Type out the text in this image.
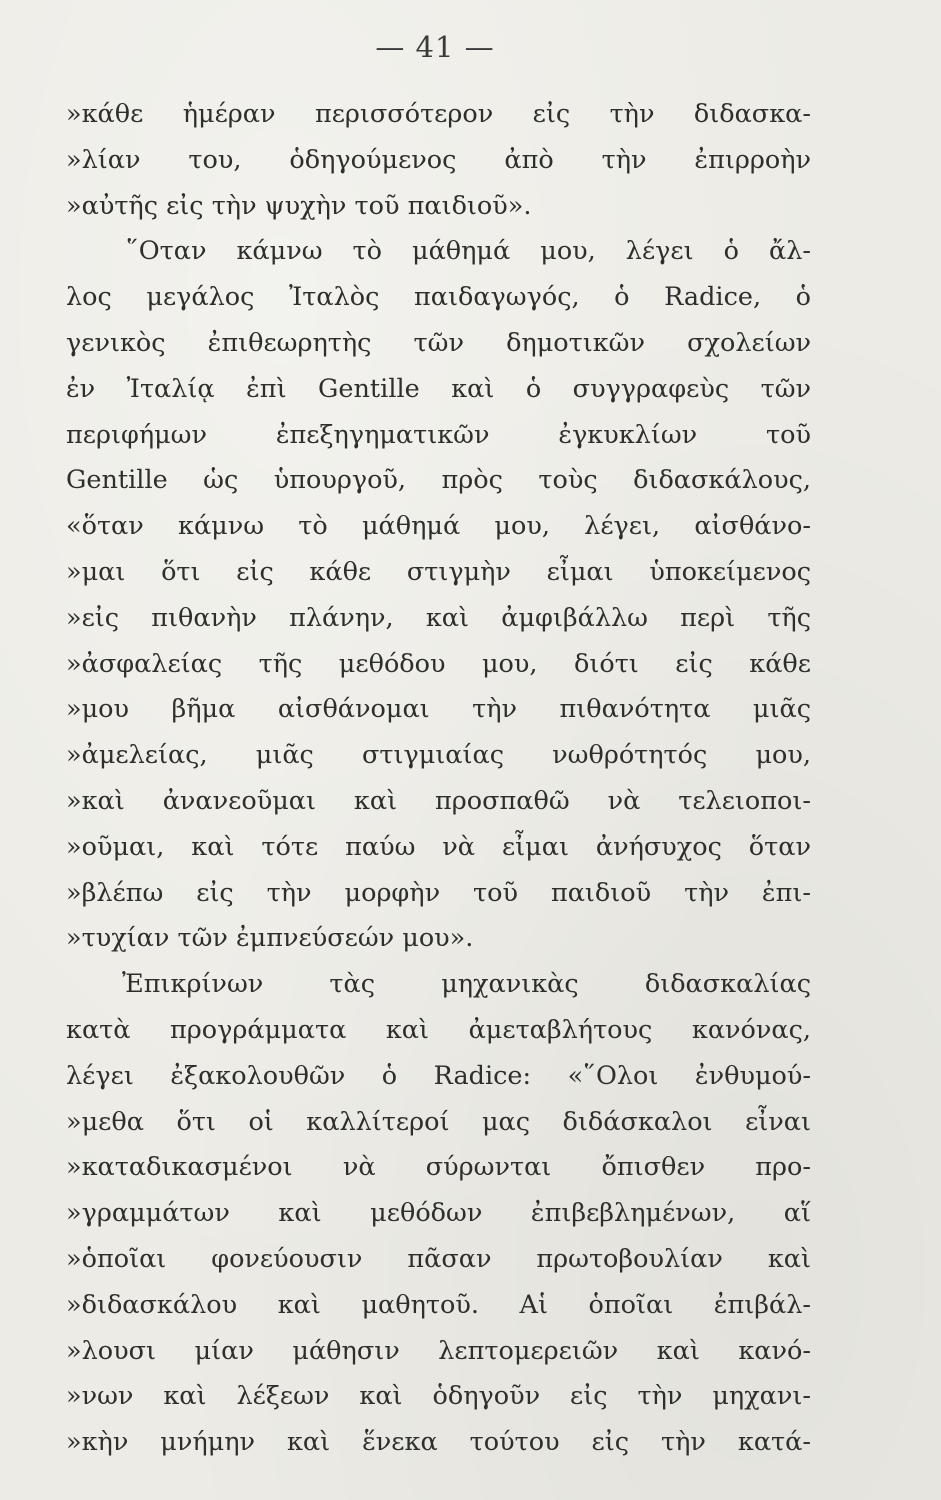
— 41 —
»κάθε ἡμέραν περισσότερον εἰς τὴν διδασκα-
»λίαν του, ὁδηγούμενος ἀπὸ τὴν ἐπιρροὴν
»αὐτῆς εἰς τὴν ψυχὴν τοῦ παιδιοῦ».
῞Οταν κάμνω τὸ μάθημά μου, λέγει ὁ ἄλ-
λος μεγάλος Ἰταλὸς παιδαγωγός, ὁ Radice, ὁ
γενικὸς ἐπιθεωρητὴς τῶν δημοτικῶν σχολείων
ἐν Ἰταλίᾳ ἐπὶ Gentille καὶ ὁ συγγραφεὺς τῶν
περιφήμων ἐπεξηγηματικῶν ἐγκυκλίων τοῦ
Gentille ὡς ὑπουργοῦ, πρὸς τοὺς διδασκάλους,
«ὅταν κάμνω τὸ μάθημά μου, λέγει, αἰσθάνο-
»μαι ὅτι εἰς κάθε στιγμὴν εἶμαι ὑποκείμενος
»εἰς πιθανὴν πλάνην, καὶ ἀμφιβάλλω περὶ τῆς
»ἀσφαλείας τῆς μεθόδου μου, διότι εἰς κάθε
»μου βῆμα αἰσθάνομαι τὴν πιθανότητα μιᾶς
»ἀμελείας, μιᾶς στιγμιαίας νωθρότητός μου,
»καὶ ἀνανεοῦμαι καὶ προσπαθῶ νὰ τελειοποι-
»οῦμαι, καὶ τότε παύω νὰ εἶμαι ἀνήσυχος ὅταν
»βλέπω εἰς τὴν μορφὴν τοῦ παιδιοῦ τὴν ἐπι-
»τυχίαν τῶν ἐμπνεύσεών μου».
Ἐπικρίνων τὰς μηχανικὰς διδασκαλίας
κατὰ προγράμματα καὶ ἀμεταβλήτους κανόνας,
λέγει ἐξακολουθῶν ὁ Radice: «῞Ολοι ἐνθυμού-
»μεθα ὅτι οἱ καλλίτεροί μας διδάσκαλοι εἶναι
»καταδικασμένοι νὰ σύρωνται ὄπισθεν προ-
»γραμμάτων καὶ μεθόδων ἐπιβεβλημένων, αἵ
»ὁποῖαι φονεύουσιν πᾶσαν πρωτοβουλίαν καὶ
»διδασκάλου καὶ μαθητοῦ. Αἱ ὁποῖαι ἐπιβάλ-
»λουσι μίαν μάθησιν λεπτομερειῶν καὶ κανό-
»νων καὶ λέξεων καὶ ὁδηγοῦν εἰς τὴν μηχανι-
»κὴν μνήμην καὶ ἕνεκα τούτου εἰς τὴν κατά-
